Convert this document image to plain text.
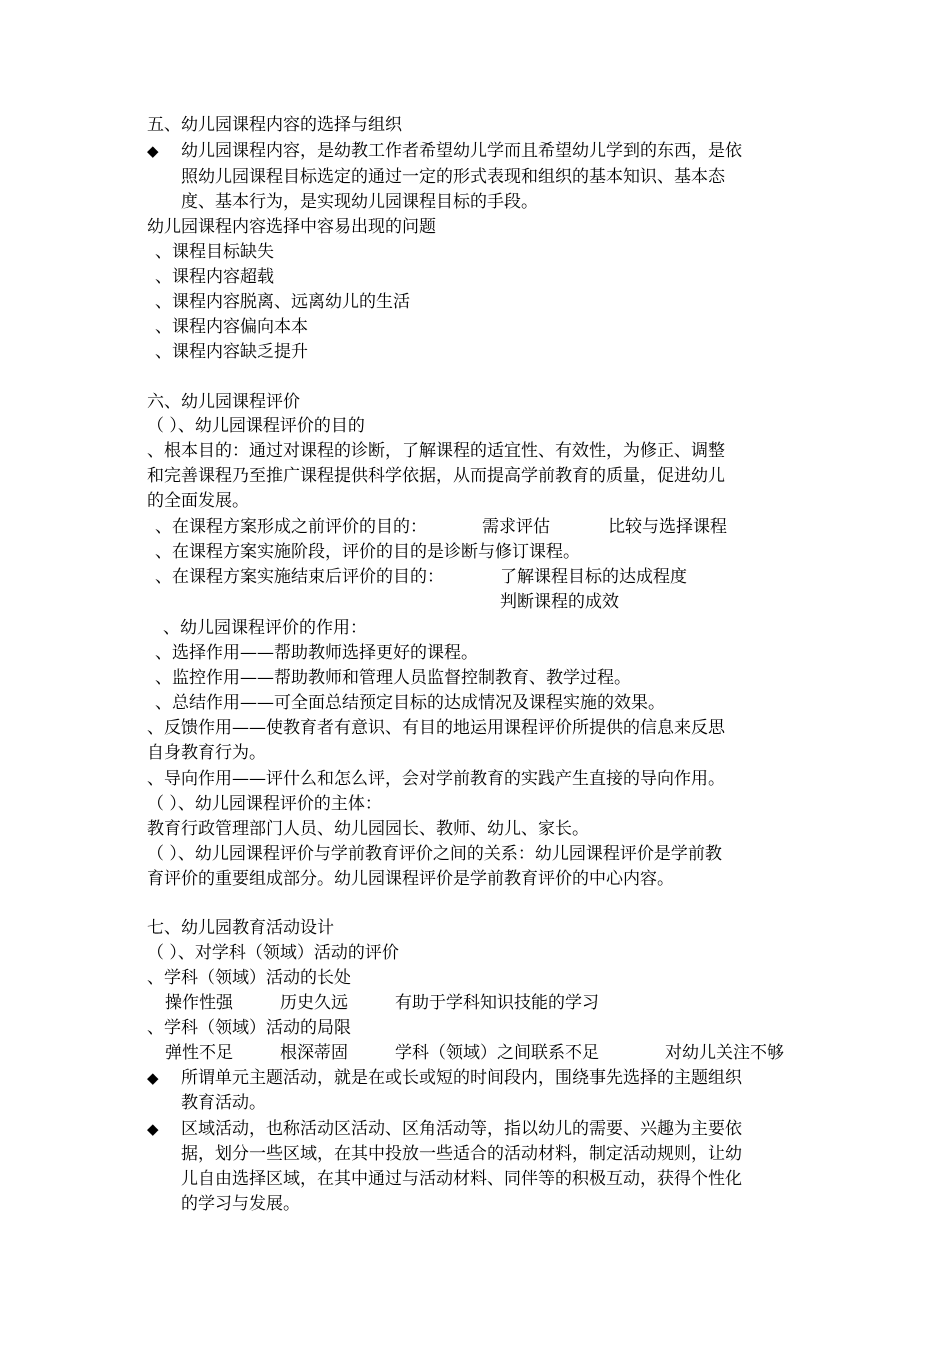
五、幼儿园课程内容的选择与组织
◆ 幼儿园课程内容，是幼教工作者希望幼儿学而且希望幼儿学到的东西，是依
照幼儿园课程目标选定的通过一定的形式表现和组织的基本知识、基本态
度、基本行为，是实现幼儿园课程目标的手段。
幼儿园课程内容选择中容易出现的问题
、课程目标缺失
、课程内容超载
、课程内容脱离、远离幼儿的生活
、课程内容偏向本本
、课程内容缺乏提升
六、幼儿园课程评价
（ ）、幼儿园课程评价的目的
、根本目的：通过对课程的诊断，了解课程的适宜性、有效性，为修正、调整
和完善课程乃至推广课程提供科学依据，从而提高学前教育的质量，促进幼儿
的全面发展。
、在课程方案形成之前评价的目的：	需求评估	比较与选择课程
、在课程方案实施阶段，评价的目的是诊断与修订课程。
、在课程方案实施结束后评价的目的：	了解课程目标的达成程度
判断课程的成效
、幼儿园课程评价的作用：
、选择作用——帮助教师选择更好的课程。
、监控作用——帮助教师和管理人员监督控制教育、教学过程。
、总结作用——可全面总结预定目标的达成情况及课程实施的效果。
、反馈作用——使教育者有意识、有目的地运用课程评价所提供的信息来反思
自身教育行为。
、导向作用——评什么和怎么评，会对学前教育的实践产生直接的导向作用。
（ ）、幼儿园课程评价的主体：
教育行政管理部门人员、幼儿园园长、教师、幼儿、家长。
（ ）、幼儿园课程评价与学前教育评价之间的关系：幼儿园课程评价是学前教
育评价的重要组成部分。幼儿园课程评价是学前教育评价的中心内容。
七、幼儿园教育活动设计
（ ）、对学科（领域）活动的评价
、学科（领域）活动的长处
操作性强	历史久远	有助于学科知识技能的学习
、学科（领域）活动的局限
弹性不足	根深蒂固	学科（领域）之间联系不足	对幼儿关注不够
◆ 所谓单元主题活动，就是在或长或短的时间段内，围绕事先选择的主题组织
教育活动。
◆ 区域活动，也称活动区活动、区角活动等，指以幼儿的需要、兴趣为主要依
据，划分一些区域，在其中投放一些适合的活动材料，制定活动规则，让幼
儿自由选择区域，在其中通过与活动材料、同伴等的积极互动，获得个性化
的学习与发展。
